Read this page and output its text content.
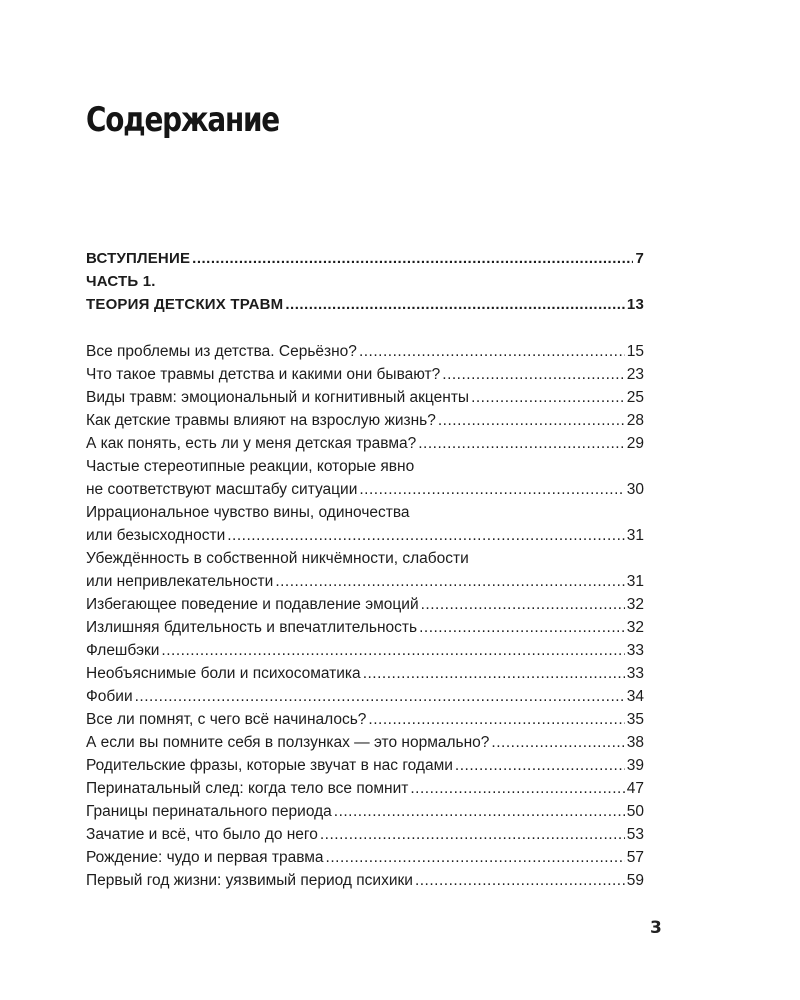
Содержание
ВСТУПЛЕНИЕ .....	7
ЧАСТЬ 1.
ТЕОРИЯ ДЕТСКИХ ТРАВМ .....	13
Все проблемы из детства. Серьёзно? .....	15
Что такое травмы детства и какими они бывают? .....	23
Виды травм: эмоциональный и когнитивный акценты .....	25
Как детские травмы влияют на взрослую жизнь? .....	28
А как понять, есть ли у меня детская травма? .....	29
Частые стереотипные реакции, которые явно
не соответствуют масштабу ситуации .....	30
Иррациональное чувство вины, одиночества
или безысходности .....	31
Убеждённость в собственной никчёмности, слабости
или непривлекательности .....	31
Избегающее поведение и подавление эмоций .....	32
Излишняя бдительность и впечатлительность .....	32
Флешбэки .....	33
Необъяснимые боли и психосоматика .....	33
Фобии .....	34
Все ли помнят, с чего всё начиналось? .....	35
А если вы помните себя в ползунках — это нормально? .....	38
Родительские фразы, которые звучат в нас годами .....	39
Перинатальный след: когда тело все помнит .....	47
Границы перинатального периода .....	50
Зачатие и всё, что было до него .....	53
Рождение: чудо и первая травма .....	57
Первый год жизни: уязвимый период психики .....	59
3
